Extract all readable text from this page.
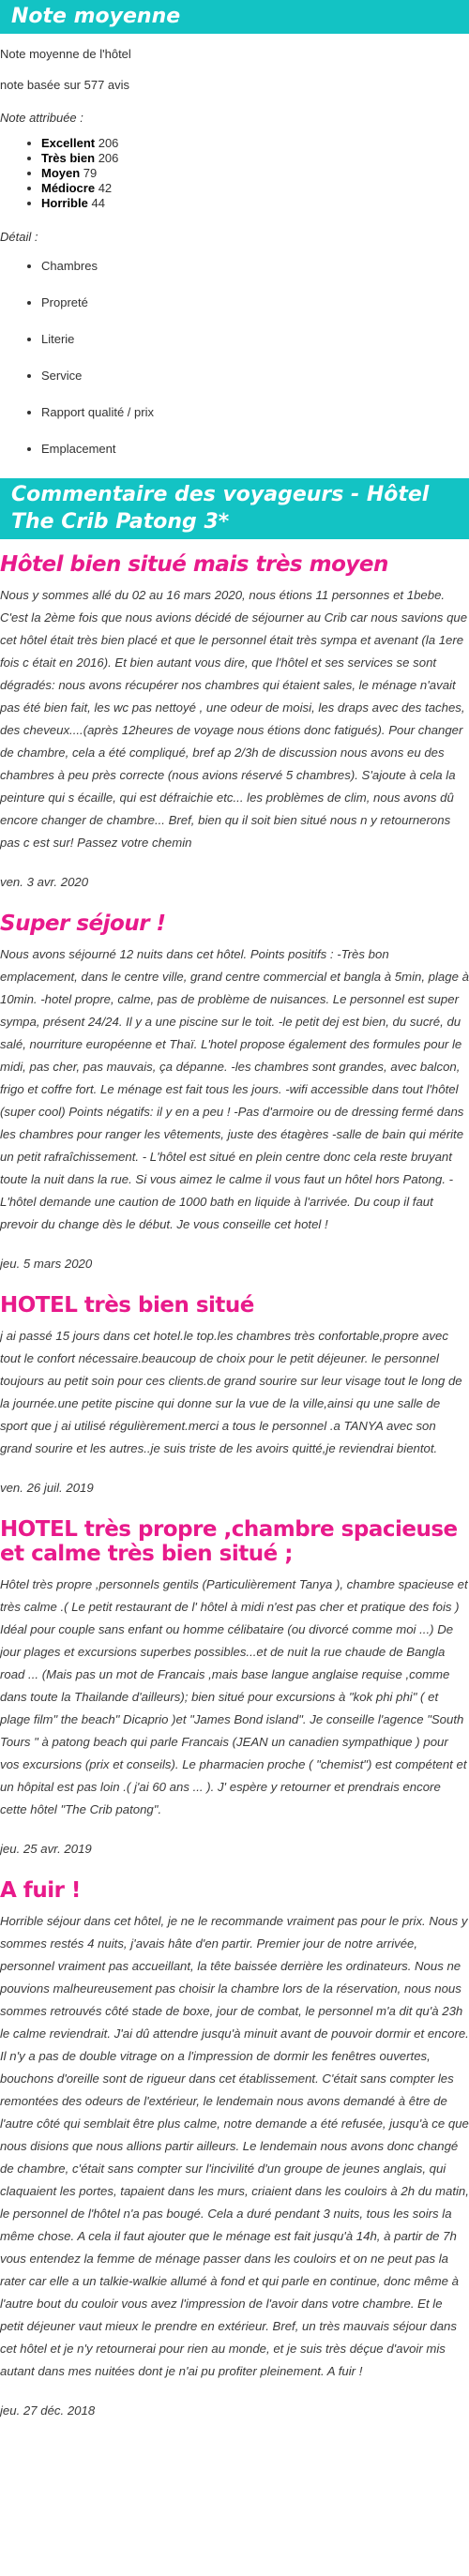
Note moyenne

Note moyenne de l'hôtel

note basée sur 577 avis

Note attribuée :

• Excellent 206
• Très bien 206
• Moyen 79
• Médiocre 42
• Horrible 44

Détail :

• Chambres
• Propreté
• Literie
• Service
• Rapport qualité / prix
• Emplacement
Commentaire des voyageurs - Hôtel The Crib Patong 3*
Hôtel bien situé mais très moyen

Nous y sommes allé du 02 au 16 mars 2020, nous étions 11 personnes et 1bebe. C'est la 2ème fois que nous avions décidé de séjourner au Crib car nous savions que cet hôtel était très bien placé et que le personnel était très sympa et avenant (la 1ere fois c était en 2016). Et bien autant vous dire, que l'hôtel et ses services se sont dégradés: nous avons récupérer nos chambres qui étaient sales, le ménage n'avait pas été bien fait, les wc pas nettoyé , une odeur de moisi, les draps avec des taches, des cheveux....(après 12heures de voyage nous étions donc fatigués). Pour changer de chambre, cela a été compliqué, bref ap 2/3h de discussion nous avons eu des chambres à peu près correcte (nous avions réservé 5 chambres). S'ajoute à cela la peinture qui s écaille, qui est défraichie etc... les problèmes de clim, nous avons dû encore changer de chambre... Bref, bien qu il soit bien situé nous n y retournerons pas c est sur! Passez votre chemin

ven. 3 avr. 2020

Super séjour !

Nous avons séjourné 12 nuits dans cet hôtel. Points positifs : -Très bon emplacement, dans le centre ville, grand centre commercial et bangla à 5min, plage à 10min. -hotel propre, calme, pas de problème de nuisances. Le personnel est super sympa, présent 24/24. Il y a une piscine sur le toit. -le petit dej est bien, du sucré, du salé, nourriture européenne et Thaï. L'hotel propose également des formules pour le midi, pas cher, pas mauvais, ça dépanne. -les chambres sont grandes, avec balcon, frigo et coffre fort. Le ménage est fait tous les jours. -wifi accessible dans tout l'hôtel (super cool) Points négatifs: il y en a peu ! -Pas d'armoire ou de dressing fermé dans les chambres pour ranger les vêtements, juste des étagères -salle de bain qui mérite un petit rafraîchissement. - L'hôtel est situé en plein centre donc cela reste bruyant toute la nuit dans la rue. Si vous aimez le calme il vous faut un hôtel hors Patong. -L'hôtel demande une caution de 1000 bath en liquide à l'arrivée. Du coup il faut prevoir du change dès le début. Je vous conseille cet hotel !

jeu. 5 mars 2020

HOTEL très bien situé

j ai passé 15 jours dans cet hotel.le top.les chambres très confortable,propre avec tout le confort nécessaire.beaucoup de choix pour le petit déjeuner. le personnel toujours au petit soin pour ces clients.de grand sourire sur leur visage tout le long de la journée.une petite piscine qui donne sur la vue de la ville,ainsi qu une salle de sport que j ai utilisé régulièrement.merci a tous le personnel .a TANYA avec son grand sourire et les autres..je suis triste de les avoirs quitté,je reviendrai bientot.

ven. 26 juil. 2019

HOTEL très propre ,chambre spacieuse et calme très bien situé ;

Hôtel très propre ,personnels gentils (Particulièrement Tanya ), chambre spacieuse et très calme .( Le petit restaurant de l' hôtel à midi n'est pas cher et pratique des fois ) Idéal pour couple sans enfant ou homme célibataire (ou divorcé comme moi ...) De jour plages et excursions superbes possibles...et de nuit la rue chaude de Bangla road ... (Mais pas un mot de Francais ,mais base langue anglaise requise ,comme dans toute la Thailande d'ailleurs); bien situé pour excursions à "kok phi phi" ( et plage film" the beach" Dicaprio )et "James Bond island". Je conseille l'agence "South Tours " à patong beach qui parle Francais (JEAN un canadien sympathique ) pour vos excursions (prix et conseils). Le pharmacien proche ( "chemist") est compétent et un hôpital est pas loin .( j'ai 60 ans ... ). J' espère y retourner et prendrais encore cette hôtel "The Crib patong".

jeu. 25 avr. 2019

A fuir !

Horrible séjour dans cet hôtel, je ne le recommande vraiment pas pour le prix. Nous y sommes restés 4 nuits, j'avais hâte d'en partir. Premier jour de notre arrivée, personnel vraiment pas accueillant, la tête baissée derrière les ordinateurs. Nous ne pouvions malheureusement pas choisir la chambre lors de la réservation, nous nous sommes retrouvés côté stade de boxe, jour de combat, le personnel m'a dit qu'à 23h le calme reviendrait. J'ai dû attendre jusqu'à minuit avant de pouvoir dormir et encore. Il n'y a pas de double vitrage on a l'impression de dormir les fenêtres ouvertes, bouchons d'oreille sont de rigueur dans cet établissement. C'était sans compter les remontées des odeurs de l'extérieur, le lendemain nous avons demandé à être de l'autre côté qui semblait être plus calme, notre demande a été refusée, jusqu'à ce que nous disions que nous allions partir ailleurs. Le lendemain nous avons donc changé de chambre, c'était sans compter sur l'incivilité d'un groupe de jeunes anglais, qui claquaient les portes, tapaient dans les murs, criaient dans les couloirs à 2h du matin, le personnel de l'hôtel n'a pas bougé. Cela a duré pendant 3 nuits, tous les soirs la même chose. A cela il faut ajouter que le ménage est fait jusqu'à 14h, à partir de 7h vous entendez la femme de ménage passer dans les couloirs et on ne peut pas la rater car elle a un talkie-walkie allumé à fond et qui parle en continue, donc même à l'autre bout du couloir vous avez l'impression de l'avoir dans votre chambre. Et le petit déjeuner vaut mieux le prendre en extérieur. Bref, un très mauvais séjour dans cet hôtel et je n'y retournerai pour rien au monde, et je suis très déçue d'avoir mis autant dans mes nuitées dont je n'ai pu profiter pleinement. A fuir !

jeu. 27 déc. 2018
